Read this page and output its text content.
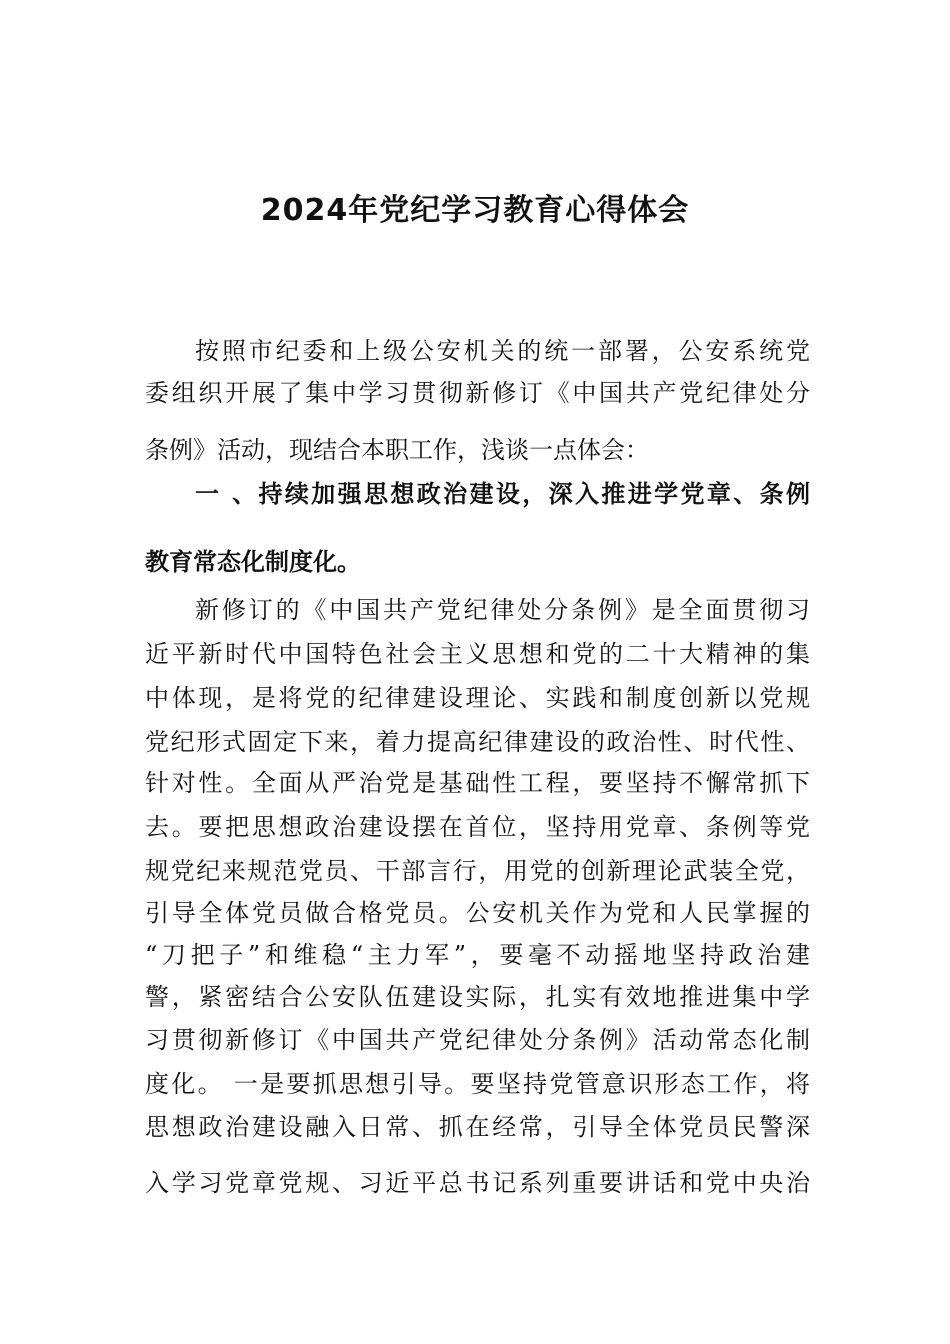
2024年党纪学习教育心得体会
按照市纪委和上级公安机关的统一部署，公安系统党
委组织开展了集中学习贯彻新修订《中国共产党纪律处分
条例》活动，现结合本职工作，浅谈一点体会：
一 、持续加强思想政治建设，深入推进学党章、条例
教育常态化制度化。
新修订的《中国共产党纪律处分条例》是全面贯彻习
近平新时代中国特色社会主义思想和党的二十大精神的集
中体现，是将党的纪律建设理论、实践和制度创新以党规
党纪形式固定下来，着力提高纪律建设的政治性、时代性、
针对性。全面从严治党是基础性工程，要坚持不懈常抓下
去。要把思想政治建设摆在首位，坚持用党章、条例等党
规党纪来规范党员、干部言行，用党的创新理论武装全党，
引导全体党员做合格党员。公安机关作为党和人民掌握的
“刀把子”和维稳“主力军”，要毫不动摇地坚持政治建
警，紧密结合公安队伍建设实际，扎实有效地推进集中学
习贯彻新修订《中国共产党纪律处分条例》活动常态化制
度化。 一是要抓思想引导。要坚持党管意识形态工作，将
思想政治建设融入日常、抓在经常，引导全体党员民警深
入学习党章党规、习近平总书记系列重要讲话和党中央治
